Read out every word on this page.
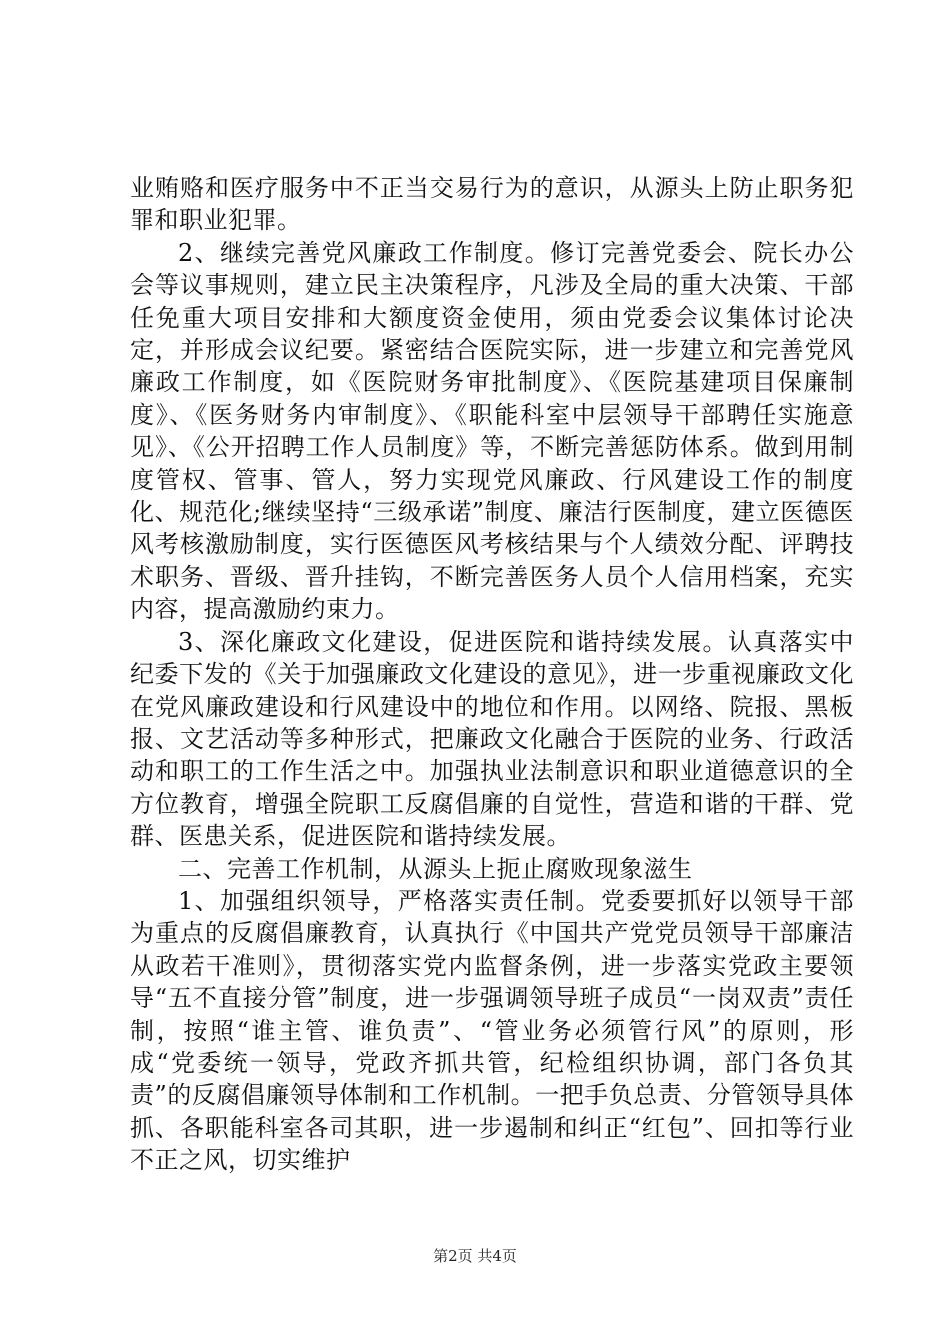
业贿赂和医疗服务中不正当交易行为的意识，从源头上防止职务犯罪和职业犯罪。

2、继续完善党风廉政工作制度。修订完善党委会、院长办公会等议事规则，建立民主决策程序，凡涉及全局的重大决策、干部任免重大项目安排和大额度资金使用，须由党委会议集体讨论决定，并形成会议纪要。紧密结合医院实际，进一步建立和完善党风廉政工作制度，如《医院财务审批制度》、《医院基建项目保廉制度》、《医务财务内审制度》、《职能科室中层领导干部聘任实施意见》、《公开招聘工作人员制度》等，不断完善惩防体系。做到用制度管权、管事、管人，努力实现党风廉政、行风建设工作的制度化、规范化;继续坚持“三级承诺”制度、廉洁行医制度，建立医德医风考核激励制度，实行医德医风考核结果与个人绩效分配、评聘技术职务、晋级、晋升挂钩，不断完善医务人员个人信用档案，充实内容，提高激励约束力。

3、深化廉政文化建设，促进医院和谐持续发展。认真落实中纪委下发的《关于加强廉政文化建设的意见》，进一步重视廉政文化在党风廉政建设和行风建设中的地位和作用。以网络、院报、黑板报、文艺活动等多种形式，把廉政文化融合于医院的业务、行政活动和职工的工作生活之中。加强执业法制意识和职业道德意识的全方位教育，增强全院职工反腐倡廉的自觉性，营造和谐的干群、党群、医患关系，促进医院和谐持续发展。

二、完善工作机制，从源头上扼止腐败现象滋生

1、加强组织领导，严格落实责任制。党委要抓好以领导干部为重点的反腐倡廉教育，认真执行《中国共产党党员领导干部廉洁从政若干准则》，贯彻落实党内监督条例，进一步落实党政主要领导“五不直接分管”制度，进一步强调领导班子成员“一岗双责”责任制，按照“谁主管、谁负责”、“管业务必须管行风”的原则，形成“党委统一领导，党政齐抓共管，纪检组织协调，部门各负其责”的反腐倡廉领导体制和工作机制。一把手负总责、分管领导具体抓、各职能科室各司其职，进一步遏制和纠正“红包”、回扣等行业不正之风，切实维护

第2页 共4页
